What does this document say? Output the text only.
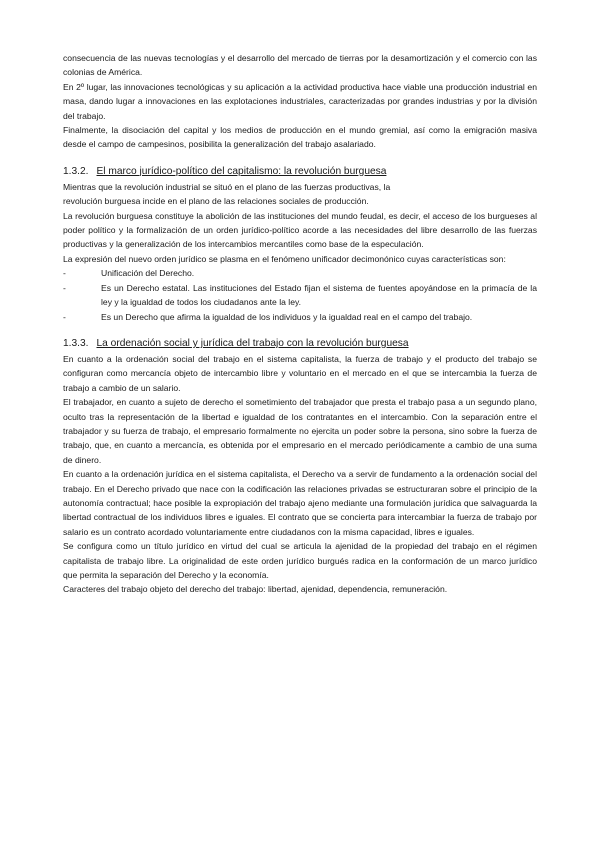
consecuencia de las nuevas tecnologías y el desarrollo del mercado de tierras por la desamortización y el comercio con las colonias de América.

En 2º lugar, las innovaciones tecnológicas y su aplicación a la actividad productiva hace viable una producción industrial en masa, dando lugar a innovaciones en las explotaciones industriales, caracterizadas por grandes industrias y por la división del trabajo.

Finalmente, la disociación del capital y los medios de producción en el mundo gremial, así como la emigración masiva desde el campo de campesinos, posibilita la generalización del trabajo asalariado.

1.3.2. El marco jurídico-político del capitalismo: la revolución burguesa

Mientras que la revolución industrial se situó en el plano de las fuerzas productivas, la

revolución burguesa incide en el plano de las relaciones sociales de producción.

La revolución burguesa constituye la abolición de las instituciones del mundo feudal, es decir, el acceso de los burgueses al poder político y la formalización de un orden jurídico-político acorde a las necesidades del libre desarrollo de las fuerzas productivas y la generalización de los intercambios mercantiles como base de la especulación.

La expresión del nuevo orden jurídico se plasma en el fenómeno unificador decimonónico cuyas características son:

-	Unificación del Derecho.
-	Es un Derecho estatal. Las instituciones del Estado fijan el sistema de fuentes apoyándose en la primacía de la ley y la igualdad de todos los ciudadanos ante la ley.
-	Es un Derecho que afirma la igualdad de los individuos y la igualdad real en el campo del trabajo.
1.3.3. La ordenación social y jurídica del trabajo con la revolución burguesa

En cuanto a la ordenación social del trabajo en el sistema capitalista, la fuerza de trabajo y el producto del trabajo se configuran como mercancía objeto de intercambio libre y voluntario en el mercado en el que se intercambia la fuerza de trabajo a cambio de un salario.

El trabajador, en cuanto a sujeto de derecho el sometimiento del trabajador que presta el trabajo pasa a un segundo plano, oculto tras la representación de la libertad e igualdad de los contratantes en el intercambio. Con la separación entre el trabajador y su fuerza de trabajo, el empresario formalmente no ejercita un poder sobre la persona, sino sobre la fuerza de trabajo, que, en cuanto a mercancía, es obtenida por el empresario en el mercado periódicamente a cambio de una suma de dinero.

En cuanto a la ordenación jurídica en el sistema capitalista, el Derecho va a servir de fundamento a la ordenación social del trabajo. En el Derecho privado que nace con la codificación las relaciones privadas se estructuraran sobre el principio de la autonomía contractual; hace posible la expropiación del trabajo ajeno mediante una formulación jurídica que salvaguarda la libertad contractual de los individuos libres e iguales. El contrato que se concierta para intercambiar la fuerza de trabajo por salario es un contrato acordado voluntariamente entre ciudadanos con la misma capacidad, libres e iguales.

Se configura como un título jurídico en virtud del cual se articula la ajenidad de la propiedad del trabajo en el régimen capitalista de trabajo libre. La originalidad de este orden jurídico burgués radica en la conformación de un marco jurídico que permita la separación del Derecho y la economía.

Caracteres del trabajo objeto del derecho del trabajo: libertad, ajenidad, dependencia, remuneración.
